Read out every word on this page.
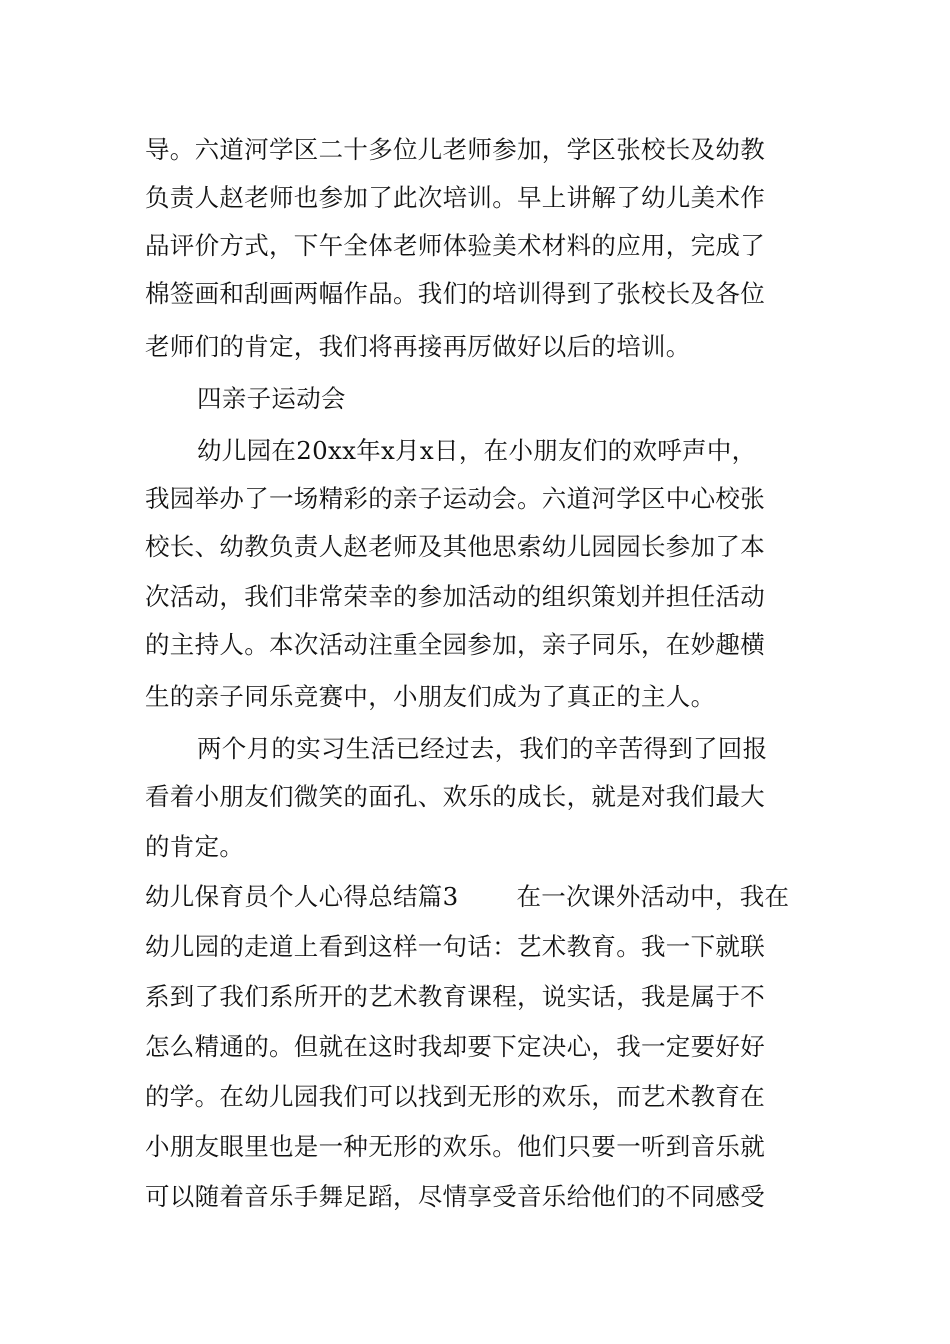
导。六道河学区二十多位儿老师参加，学区张校长及幼教
负责人赵老师也参加了此次培训。早上讲解了幼儿美术作
品评价方式，下午全体老师体验美术材料的应用，完成了
棉签画和刮画两幅作品。我们的培训得到了张校长及各位
老师们的肯定，我们将再接再厉做好以后的培训。
四亲子运动会
幼儿园在20xx年x月x日，在小朋友们的欢呼声中，
我园举办了一场精彩的亲子运动会。六道河学区中心校张
校长、幼教负责人赵老师及其他思索幼儿园园长参加了本
次活动，我们非常荣幸的参加活动的组织策划并担任活动
的主持人。本次活动注重全园参加，亲子同乐，在妙趣横
生的亲子同乐竞赛中，小朋友们成为了真正的主人。
两个月的实习生活已经过去，我们的辛苦得到了回报
看着小朋友们微笑的面孔、欢乐的成长，就是对我们最大
的肯定。
幼儿保育员个人心得总结篇3 在一次课外活动中，我在
幼儿园的走道上看到这样一句话：艺术教育。我一下就联
系到了我们系所开的艺术教育课程，说实话，我是属于不
怎么精通的。但就在这时我却要下定决心，我一定要好好
的学。在幼儿园我们可以找到无形的欢乐，而艺术教育在
小朋友眼里也是一种无形的欢乐。他们只要一听到音乐就
可以随着音乐手舞足蹈，尽情享受音乐给他们的不同感受
